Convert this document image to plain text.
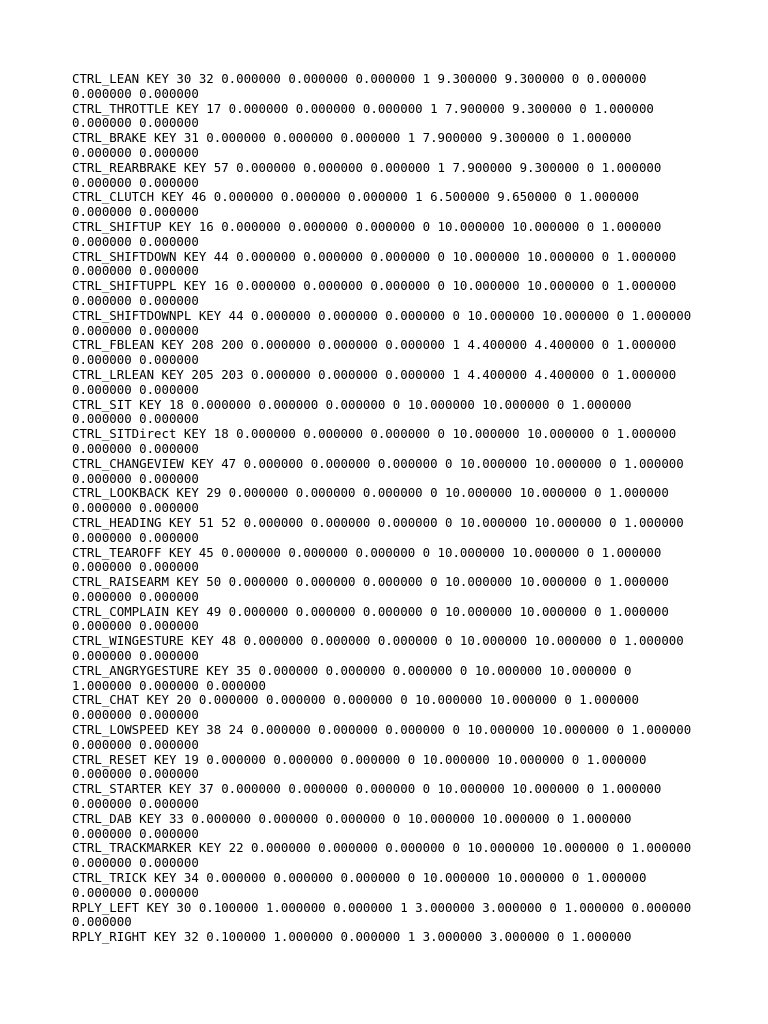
CTRL_LEAN KEY 30 32 0.000000 0.000000 0.000000 1 9.300000 9.300000 0 0.000000
0.000000 0.000000
CTRL_THROTTLE KEY 17 0.000000 0.000000 0.000000 1 7.900000 9.300000 0 1.000000
0.000000 0.000000
CTRL_BRAKE KEY 31 0.000000 0.000000 0.000000 1 7.900000 9.300000 0 1.000000
0.000000 0.000000
CTRL_REARBRAKE KEY 57 0.000000 0.000000 0.000000 1 7.900000 9.300000 0 1.000000
0.000000 0.000000
CTRL_CLUTCH KEY 46 0.000000 0.000000 0.000000 1 6.500000 9.650000 0 1.000000
0.000000 0.000000
CTRL_SHIFTUP KEY 16 0.000000 0.000000 0.000000 0 10.000000 10.000000 0 1.000000
0.000000 0.000000
CTRL_SHIFTDOWN KEY 44 0.000000 0.000000 0.000000 0 10.000000 10.000000 0 1.000000
0.000000 0.000000
CTRL_SHIFTUPPL KEY 16 0.000000 0.000000 0.000000 0 10.000000 10.000000 0 1.000000
0.000000 0.000000
CTRL_SHIFTDOWNPL KEY 44 0.000000 0.000000 0.000000 0 10.000000 10.000000 0 1.000000
0.000000 0.000000
CTRL_FBLEAN KEY 208 200 0.000000 0.000000 0.000000 1 4.400000 4.400000 0 1.000000
0.000000 0.000000
CTRL_LRLEAN KEY 205 203 0.000000 0.000000 0.000000 1 4.400000 4.400000 0 1.000000
0.000000 0.000000
CTRL_SIT KEY 18 0.000000 0.000000 0.000000 0 10.000000 10.000000 0 1.000000
0.000000 0.000000
CTRL_SITDirect KEY 18 0.000000 0.000000 0.000000 0 10.000000 10.000000 0 1.000000
0.000000 0.000000
CTRL_CHANGEVIEW KEY 47 0.000000 0.000000 0.000000 0 10.000000 10.000000 0 1.000000
0.000000 0.000000
CTRL_LOOKBACK KEY 29 0.000000 0.000000 0.000000 0 10.000000 10.000000 0 1.000000
0.000000 0.000000
CTRL_HEADING KEY 51 52 0.000000 0.000000 0.000000 0 10.000000 10.000000 0 1.000000
0.000000 0.000000
CTRL_TEAROFF KEY 45 0.000000 0.000000 0.000000 0 10.000000 10.000000 0 1.000000
0.000000 0.000000
CTRL_RAISEARM KEY 50 0.000000 0.000000 0.000000 0 10.000000 10.000000 0 1.000000
0.000000 0.000000
CTRL_COMPLAIN KEY 49 0.000000 0.000000 0.000000 0 10.000000 10.000000 0 1.000000
0.000000 0.000000
CTRL_WINGESTURE KEY 48 0.000000 0.000000 0.000000 0 10.000000 10.000000 0 1.000000
0.000000 0.000000
CTRL_ANGRYGESTURE KEY 35 0.000000 0.000000 0.000000 0 10.000000 10.000000 0
1.000000 0.000000 0.000000
CTRL_CHAT KEY 20 0.000000 0.000000 0.000000 0 10.000000 10.000000 0 1.000000
0.000000 0.000000
CTRL_LOWSPEED KEY 38 24 0.000000 0.000000 0.000000 0 10.000000 10.000000 0 1.000000
0.000000 0.000000
CTRL_RESET KEY 19 0.000000 0.000000 0.000000 0 10.000000 10.000000 0 1.000000
0.000000 0.000000
CTRL_STARTER KEY 37 0.000000 0.000000 0.000000 0 10.000000 10.000000 0 1.000000
0.000000 0.000000
CTRL_DAB KEY 33 0.000000 0.000000 0.000000 0 10.000000 10.000000 0 1.000000
0.000000 0.000000
CTRL_TRACKMARKER KEY 22 0.000000 0.000000 0.000000 0 10.000000 10.000000 0 1.000000
0.000000 0.000000
CTRL_TRICK KEY 34 0.000000 0.000000 0.000000 0 10.000000 10.000000 0 1.000000
0.000000 0.000000
RPLY_LEFT KEY 30 0.100000 1.000000 0.000000 1 3.000000 3.000000 0 1.000000 0.000000
0.000000
RPLY_RIGHT KEY 32 0.100000 1.000000 0.000000 1 3.000000 3.000000 0 1.000000
